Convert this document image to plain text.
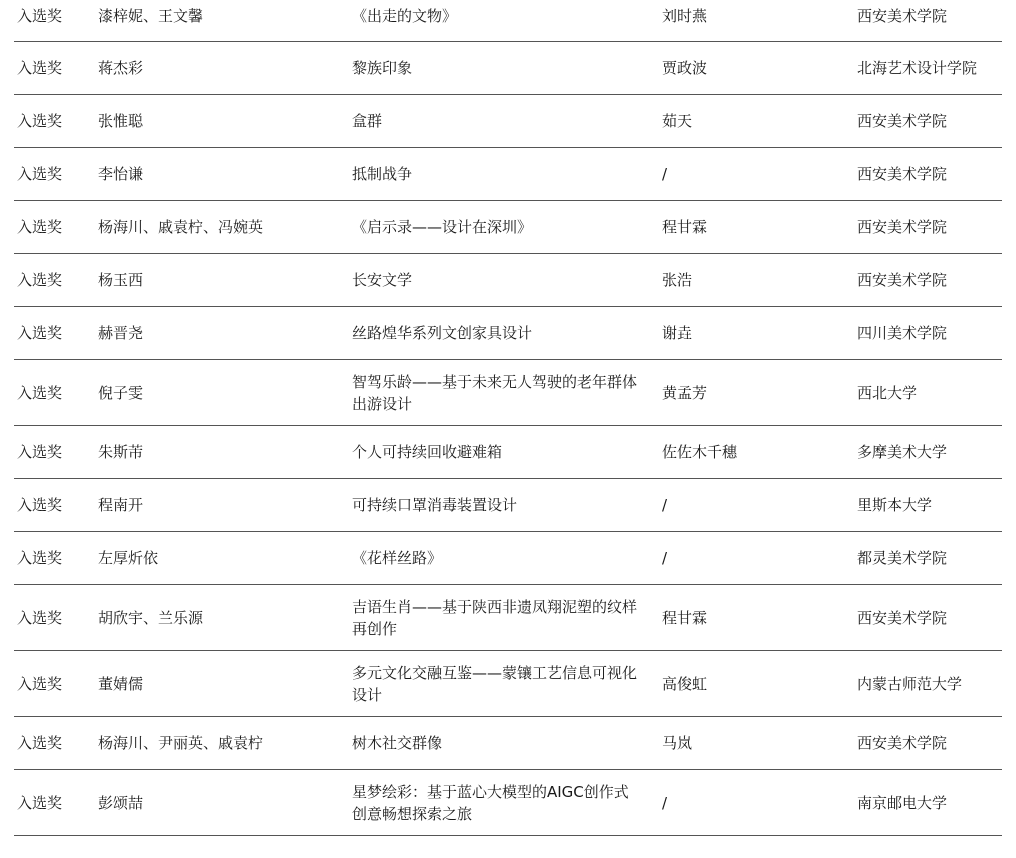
入选奖	漆梓妮、王文馨	《出走的文物》	刘时燕	西安美术学院
入选奖	蒋杰彩	黎族印象	贾政波	北海艺术设计学院
入选奖	张惟聪	盒群	茹天	西安美术学院
入选奖	李怡谦	抵制战争	/	西安美术学院
入选奖	杨海川、戚袁柠、冯婉英	《启示录——设计在深圳》	程甘霖	西安美术学院
入选奖	杨玉西	长安文学	张浩	西安美术学院
入选奖	赫晋尧	丝路煌华系列文创家具设计	谢垚	四川美术学院
入选奖	倪子雯	智驾乐龄——基于未来无人驾驶的老年群体出游设计	黄孟芳	西北大学
入选奖	朱斯芾	个人可持续回收避难箱	佐佐木千穗	多摩美术大学
入选奖	程南开	可持续口罩消毒装置设计	/	里斯本大学
入选奖	左厚炘依	《花样丝路》	/	都灵美术学院
入选奖	胡欣宇、兰乐源	吉语生肖——基于陕西非遗凤翔泥塑的纹样再创作	程甘霖	西安美术学院
入选奖	董婧儒	多元文化交融互鉴——蒙镶工艺信息可视化设计	高俊虹	内蒙古师范大学
入选奖	杨海川、尹丽英、戚袁柠	树木社交群像	马岚	西安美术学院
入选奖	彭颂喆	星梦绘彩：基于蓝心大模型的AIGC创作式创意畅想探索之旅	/	南京邮电大学
